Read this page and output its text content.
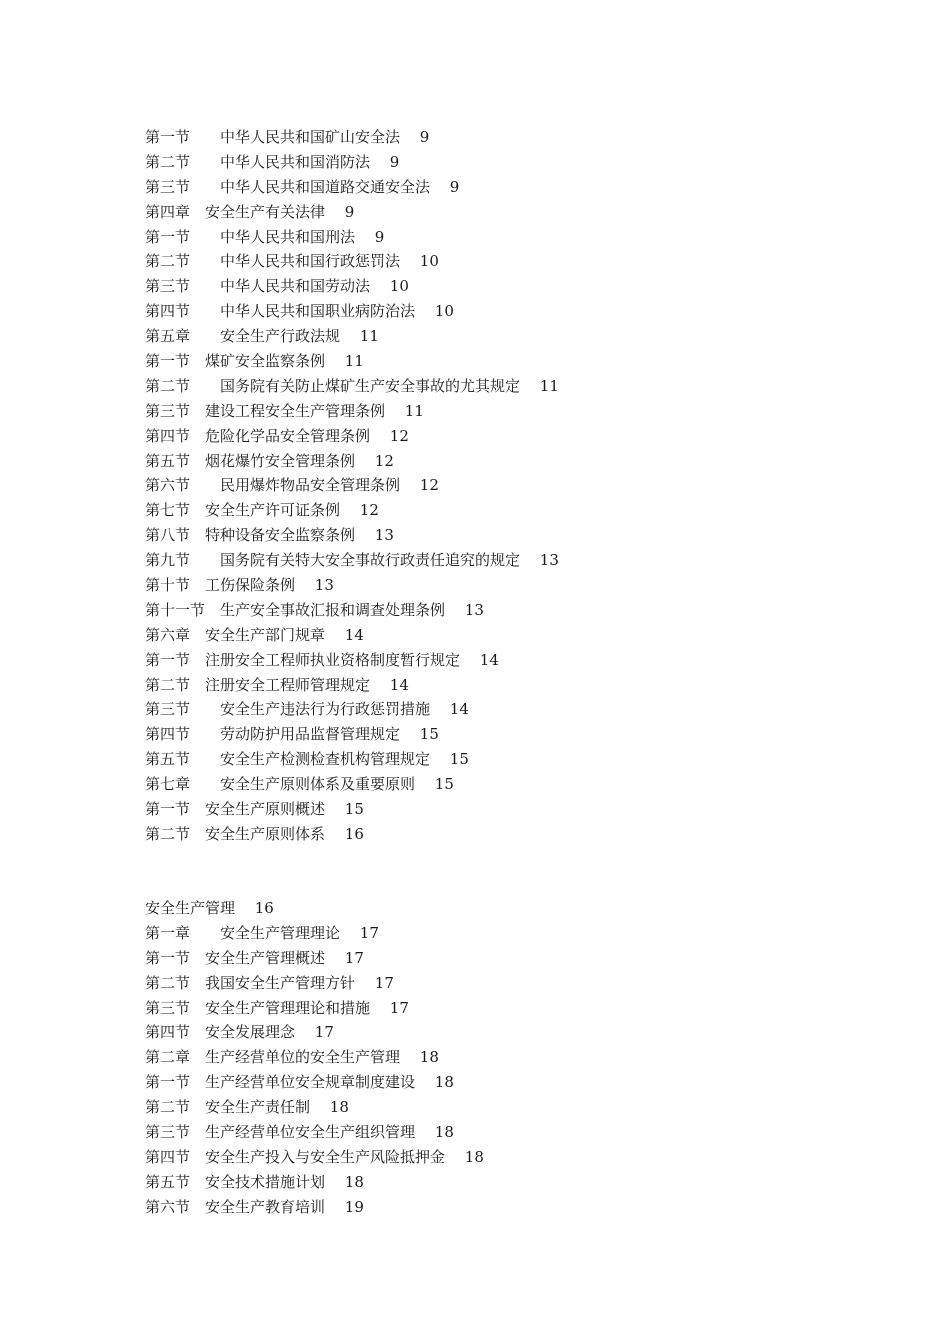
第一节　　中华人民共和国矿山安全法　 9
第二节　　中华人民共和国消防法　 9
第三节　　中华人民共和国道路交通安全法　 9
第四章　安全生产有关法律　 9
第一节　　中华人民共和国刑法　 9
第二节　　中华人民共和国行政惩罚法　 10
第三节　　中华人民共和国劳动法　 10
第四节　　中华人民共和国职业病防治法　 10
第五章　　安全生产行政法规　 11
第一节　煤矿安全监察条例　 11
第二节　　国务院有关防止煤矿生产安全事故的尤其规定　 11
第三节　建设工程安全生产管理条例　 11
第四节　危险化学品安全管理条例　 12
第五节　烟花爆竹安全管理条例　 12
第六节　　民用爆炸物品安全管理条例　 12
第七节　安全生产许可证条例　 12
第八节　特种设备安全监察条例　 13
第九节　　国务院有关特大安全事故行政责任追究的规定　 13
第十节　工伤保险条例　 13
第十一节　生产安全事故汇报和调查处理条例　 13
第六章　安全生产部门规章　 14
第一节　注册安全工程师执业资格制度暂行规定　 14
第二节　注册安全工程师管理规定　 14
第三节　　安全生产违法行为行政惩罚措施　 14
第四节　　劳动防护用品监督管理规定　 15
第五节　　安全生产检测检查机构管理规定　 15
第七章　　安全生产原则体系及重要原则　 15
第一节　安全生产原则概述　 15
第二节　安全生产原则体系　 16
安全生产管理　 16
第一章　　安全生产管理理论　 17
第一节　安全生产管理概述　 17
第二节　我国安全生产管理方针　 17
第三节　安全生产管理理论和措施　 17
第四节　安全发展理念　 17
第二章　生产经营单位的安全生产管理　 18
第一节　生产经营单位安全规章制度建设　 18
第二节　安全生产责任制　 18
第三节　生产经营单位安全生产组织管理　 18
第四节　安全生产投入与安全生产风险抵押金　 18
第五节　安全技术措施计划　 18
第六节　安全生产教育培训　 19
